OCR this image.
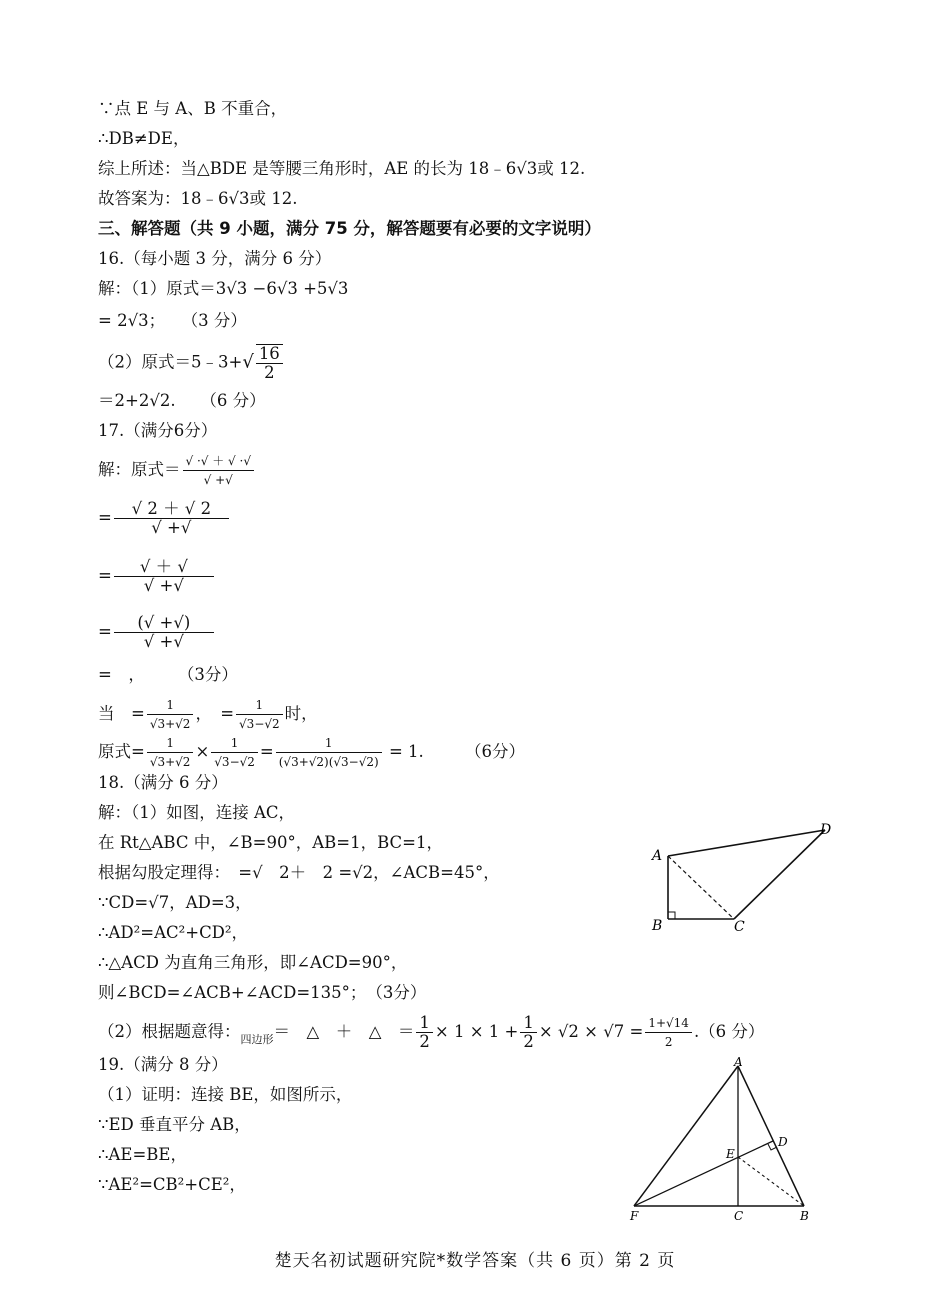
∵点 E 与 A、B 不重合，
∴DB≠DE，
综上所述：当△BDE 是等腰三角形时，AE 的长为 18﹣6√3或 12.
故答案为：18﹣6√3或 12.
三、解答题（共 9 小题，满分 75 分，解答题要有必要的文字说明）
16.（每小题 3 分，满分 6 分）
解：（1）原式＝3√3 −6√3 +5√3
= 2√3；　　（3 分）
（2）原式＝5﹣3+√ $\frac{16}{2}$
＝2+2√2.　　（6 分）
17.（满分6分）
解：原式＝ $\frac{√ \cdot√ + √ \cdot√}{√ +√}$
= $\frac{√ 2 + √ 2}{√ +√}$
= $\frac{√ + √}{√ +√}$
= $\frac{(√ +√)}{√ +√}$
=　，　　　（3分）
当　= $\frac{1}{√3+√2}$ ，　= $\frac{1}{√3-√2}$ 时，
原式= $\frac{1}{√3+√2} \times \frac{1}{√3-√2} = \frac{1}{(√3+√2)(√3-√2)} = 1$.　　　（6分）
18.（满分 6 分）
解：（1）如图，连接 AC，
在 Rt△ABC 中，∠B=90°，AB=1，BC=1，
根据勾股定理得：　=√　2＋　2 =√2，∠ACB=45°，
∵CD=√7，AD=3，
∴AD²=AC²+CD²，
∴△ACD 为直角三角形，即∠ACD=90°，
则∠BCD=∠ACB+∠ACD=135°；　（3分）
（2）根据题意得：$_{四边形}$＝　△　＋　△　＝ $\frac{1}{2} \times 1 \times 1 + \frac{1}{2} \times √2 \times √7 = \frac{1+√14}{2} .(6$ 分）
19.（满分 8 分）
（1）证明：连接 BE，如图所示，
∵ED 垂直平分 AB，
∴AE=BE，
∵AE²=CB²+CE²，
A
B	C
D
A
D
E
F	C	B
楚天名初试题研究院*数学答案（共 6 页）第 2 页
